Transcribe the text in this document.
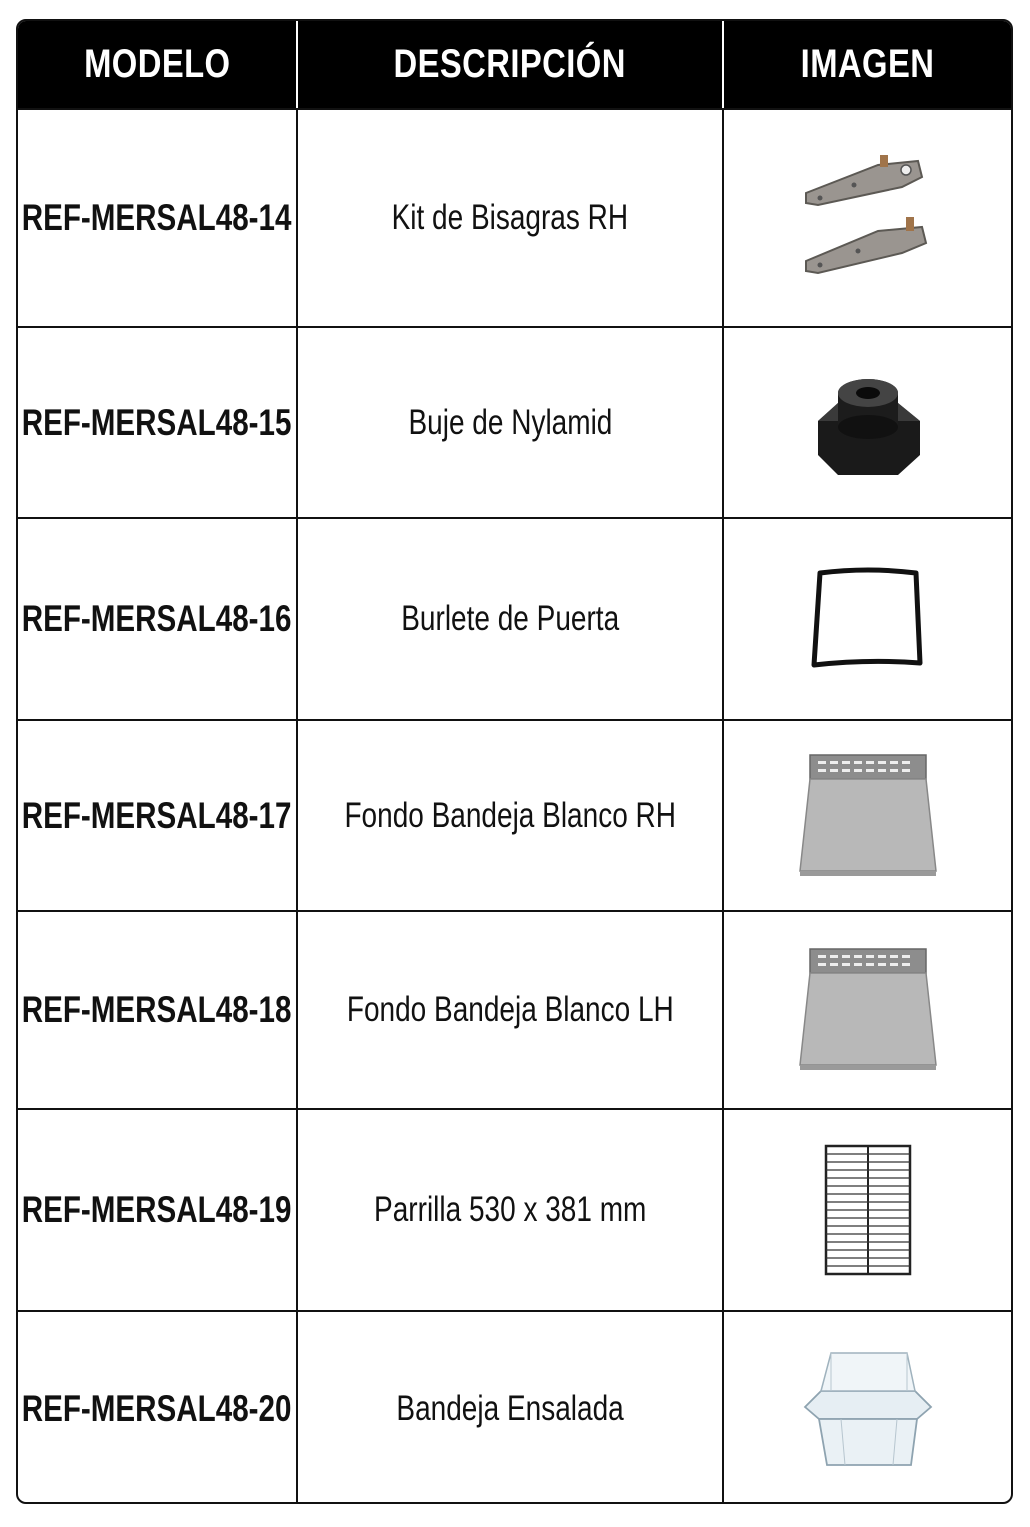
MODELO	DESCRIPCIÓN	IMAGEN
REF-MERSAL48-14	Kit de Bisagras RH
REF-MERSAL48-15	Buje de Nylamid
REF-MERSAL48-16	Burlete de Puerta
REF-MERSAL48-17 Fondo Bandeja Blanco RH
REF-MERSAL48-18 Fondo Bandeja Blanco LH
REF-MERSAL48-19 Parrilla 530 x 381 mm
REF-MERSAL48-20	Bandeja Ensalada
